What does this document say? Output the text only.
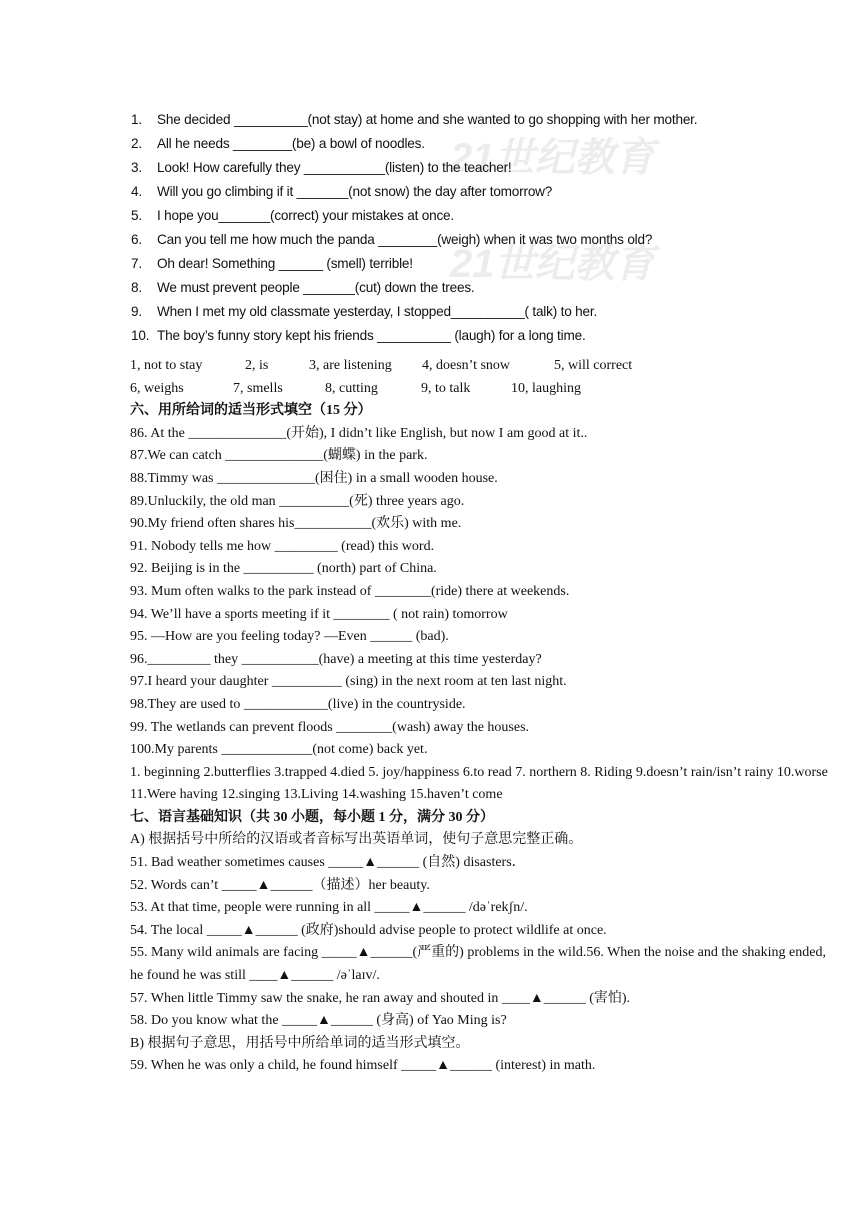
21世纪教育
21世纪教育
1.	She decided __________(not stay) at home and she wanted to go shopping with her mother.
2.	All he needs ________(be) a bowl of noodles.
3.	Look! How carefully they ___________(listen) to the teacher!
4.	Will you go climbing if it _______(not snow) the day after tomorrow?
5.	I hope you_______(correct) your mistakes at once.
6.	Can you tell me how much the panda ________(weigh) when it was two months old?
7.	Oh dear! Something ______ (smell) terrible!
8.	We must prevent people _______(cut) down the trees.
9.	When I met my old classmate yesterday, I stopped__________( talk) to her.
10. The boy’s funny story kept his friends __________ (laugh) for a long time.
1, not to stay	2, is	3, are listening	4, doesn’t snow	5, will correct
6, weighs	7, smells	8, cutting	9, to talk	10, laughing
六、用所给词的适当形式填空（15 分）
86. At the ______________(开始), I didn’t like English, but now I am good at it..
87.We can catch ______________(蝴蝶) in the park.
88.Timmy was ______________(困住) in a small wooden house.
89.Unluckily, the old man __________(死) three years ago.
90.My friend often shares his___________(欢乐) with me.
91. Nobody tells me how _________ (read) this word.
92. Beijing is in the __________ (north) part of China.
93. Mum often walks to the park instead of ________(ride) there at weekends.
94. We’ll have a sports meeting if it ________ ( not rain) tomorrow
95. —How are you feeling today? —Even ______ (bad).
96._________ they ___________(have) a meeting at this time yesterday?
97.I heard your daughter __________ (sing) in the next room at ten last night.
98.They are used to ____________(live) in the countryside.
99. The wetlands can prevent floods ________(wash) away the houses.
100.My parents _____________(not come) back yet.
1. beginning 2.butterflies 3.trapped 4.died 5. joy/happiness 6.to read 7. northern 8. Riding 9.doesn’t rain/isn’t rainy 10.worse 11.Were having 12.singing 13.Living 14.washing 15.haven’t come
七、语言基础知识（共 30 小题，每小题 1 分，满分 30 分）
A) 根据括号中所给的汉语或者音标写出英语单词，使句子意思完整正确。
51. Bad weather sometimes causes _____▲______ (自然) disasters．
52. Words can’t _____▲______（描述）her beauty.
53. At that time, people were running in all _____▲______ /dəˈrekʃn/.
54. The local _____▲______ (政府)should advise people to protect wildlife at once.
55. Many wild animals are facing _____▲______(严重的) problems in the wild.56. When the noise and the shaking ended, he found he was still ____▲______ /əˈlaɪv/.
57. When little Timmy saw the snake, he ran away and shouted in ____▲______ (害怕).
58. Do you know what the _____▲______ (身高) of Yao Ming is?
B) 根据句子意思，用括号中所给单词的适当形式填空。
59. When he was only a child, he found himself _____▲______ (interest) in math.
